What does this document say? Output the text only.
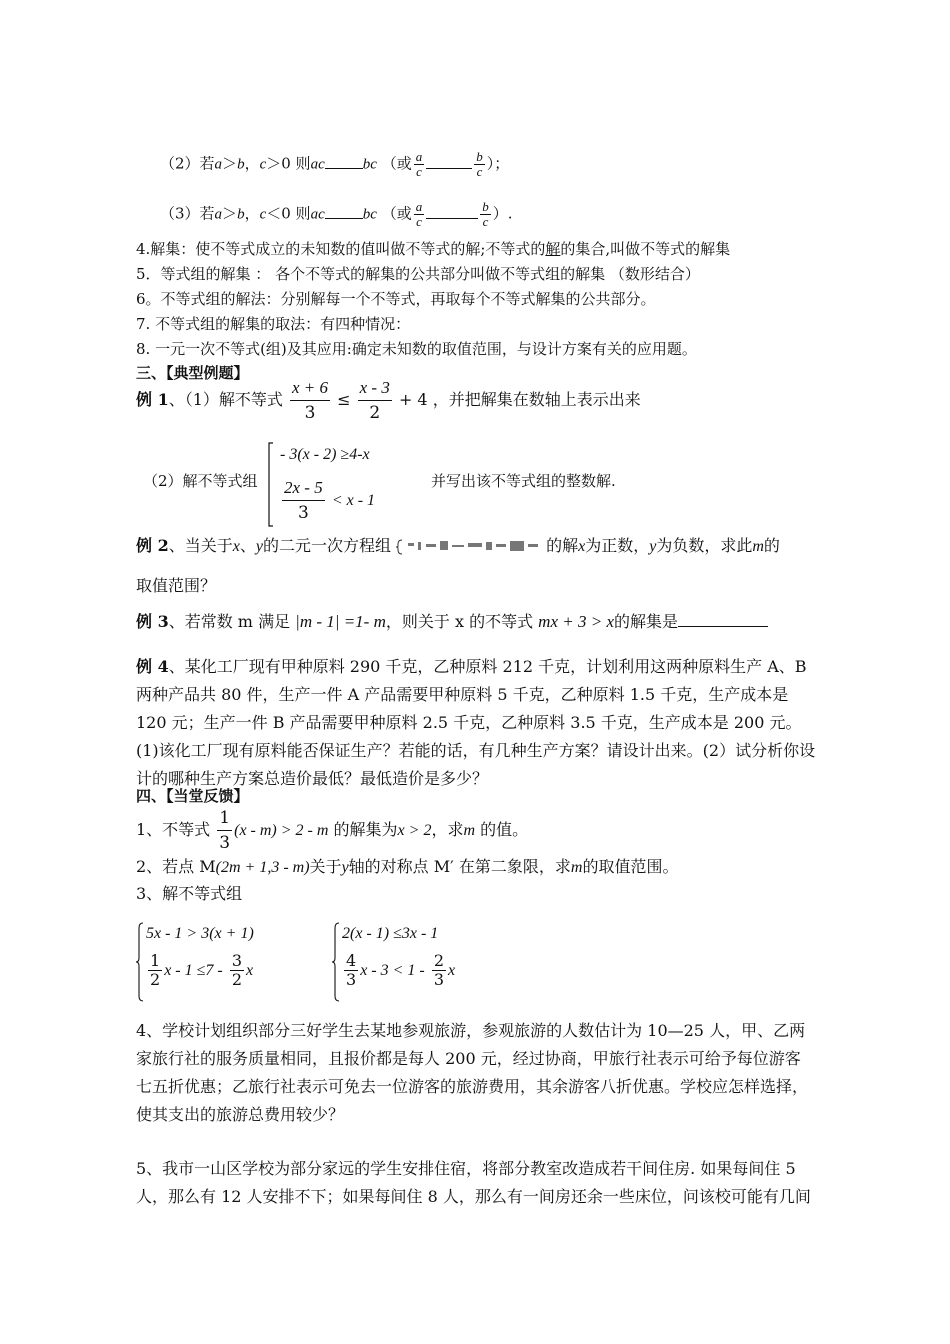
（2）若a＞b，c＞0 则ac	bc （或 $\frac{a}{c}$	$\frac{b}{c}$ ）；
（3）若a＞b，c＜0 则ac	bc （或 $\frac{a}{c}$	$\frac{b}{c}$ ）.
4.解集：使不等式成立的未知数的值叫做不等式的解;不等式的解的集合,叫做不等式的解集
5．等式组的解集 ： 各个不等式的解集的公共部分叫做不等式组的解集 （数形结合）
6。不等式组的解法：分别解每一个不等式，再取每个不等式解集的公共部分。
7. 不等式组的解集的取法：有四种情况：
8. 一元一次不等式(组)及其应用:确定未知数的取值范围，与设计方案有关的应用题。
三、【典型例题】
例 1、（1）解不等式 $\frac{x + 6}{3} \le \frac{x - 3}{2} + 4$ ，并把解集在数轴上表示出来
（2）解不等式组
- 3(x - 2) ≥4-x
$\frac{2x - 5}{3} < x - 1$
并写出该不等式组的整数解.
例 2、当关于x、y的二元一次方程组	的解x为正数，y为负数，求此m的
取值范围？
例 3、若常数 m 满足 |m - 1| =1- m，则关于 x 的不等式 mx + 3 > x的解集是
例 4、某化工厂现有甲种原料 290 千克，乙种原料 212 千克，计划利用这两种原料生产 A、B 两种产品共 80 件，生产一件 A 产品需要甲种原料 5 千克，乙种原料 1.5 千克，生产成本是 120 元；生产一件 B 产品需要甲种原料 2.5 千克，乙种原料 3.5 千克，生产成本是 200 元。(1)该化工厂现有原料能否保证生产？若能的话，有几种生产方案？请设计出来。(2）试分析你设计的哪种生产方案总造价最低？最低造价是多少？
四、【当堂反馈】
1、不等式 $\frac{1}{3} (x - m) > 2 - m$ 的解集为x > 2，求m 的值。
2、若点 M(2m + 1,3 - m)关于y轴的对称点 M′ 在第二象限，求m的取值范围。
3、解不等式组
5x - 1 > 3(x + 1)
$\frac{1}{2}$ $x - 1 \le 7 - \frac{3}{2}$ x
2(x - 1) ≤3x - 1
$\frac{4}{3}$ $x - 3 < 1 - \frac{2}{3}$ x
4、学校计划组织部分三好学生去某地参观旅游，参观旅游的人数估计为 10—25 人，甲、乙两家旅行社的服务质量相同，且报价都是每人 200 元，经过协商，甲旅行社表示可给予每位游客七五折优惠；乙旅行社表示可免去一位游客的旅游费用，其余游客八折优惠。学校应怎样选择，使其支出的旅游总费用较少？
5、我市一山区学校为部分家远的学生安排住宿，将部分教室改造成若干间住房. 如果每间住 5 人，那么有 12 人安排不下；如果每间住 8 人，那么有一间房还余一些床位，问该校可能有几间
